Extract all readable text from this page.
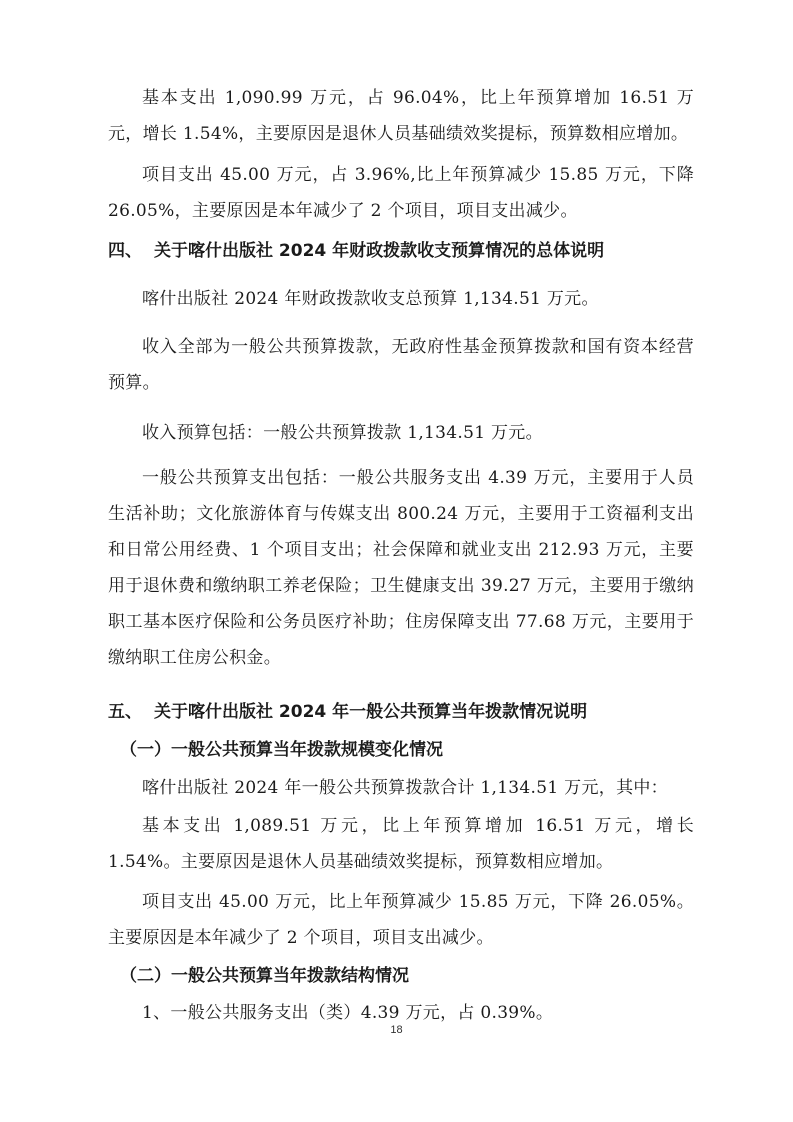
基本支出 1,090.99 万元，占 96.04%，比上年预算增加 16.51 万元，增长 1.54%，主要原因是退休人员基础绩效奖提标，预算数相应增加。

项目支出 45.00 万元，占 3.96%,比上年预算减少 15.85 万元，下降 26.05%，主要原因是本年减少了 2 个项目，项目支出减少。

四、 关于喀什出版社 2024 年财政拨款收支预算情况的总体说明

喀什出版社 2024 年财政拨款收支总预算 1,134.51 万元。

收入全部为一般公共预算拨款，无政府性基金预算拨款和国有资本经营预算。

收入预算包括：一般公共预算拨款 1,134.51 万元。

一般公共预算支出包括：一般公共服务支出 4.39 万元，主要用于人员生活补助；文化旅游体育与传媒支出 800.24 万元，主要用于工资福利支出和日常公用经费、1 个项目支出；社会保障和就业支出 212.93 万元，主要用于退休费和缴纳职工养老保险；卫生健康支出 39.27 万元，主要用于缴纳职工基本医疗保险和公务员医疗补助；住房保障支出 77.68 万元，主要用于缴纳职工住房公积金。

五、 关于喀什出版社 2024 年一般公共预算当年拨款情况说明

（一）一般公共预算当年拨款规模变化情况

喀什出版社 2024 年一般公共预算拨款合计 1,134.51 万元，其中：

基本支出 1,089.51 万元，比上年预算增加 16.51 万元，增长 1.54%。主要原因是退休人员基础绩效奖提标，预算数相应增加。

项目支出 45.00 万元，比上年预算减少 15.85 万元，下降 26.05%。主要原因是本年减少了 2 个项目，项目支出减少。

（二）一般公共预算当年拨款结构情况

1、一般公共服务支出（类）4.39 万元，占 0.39%。

18
